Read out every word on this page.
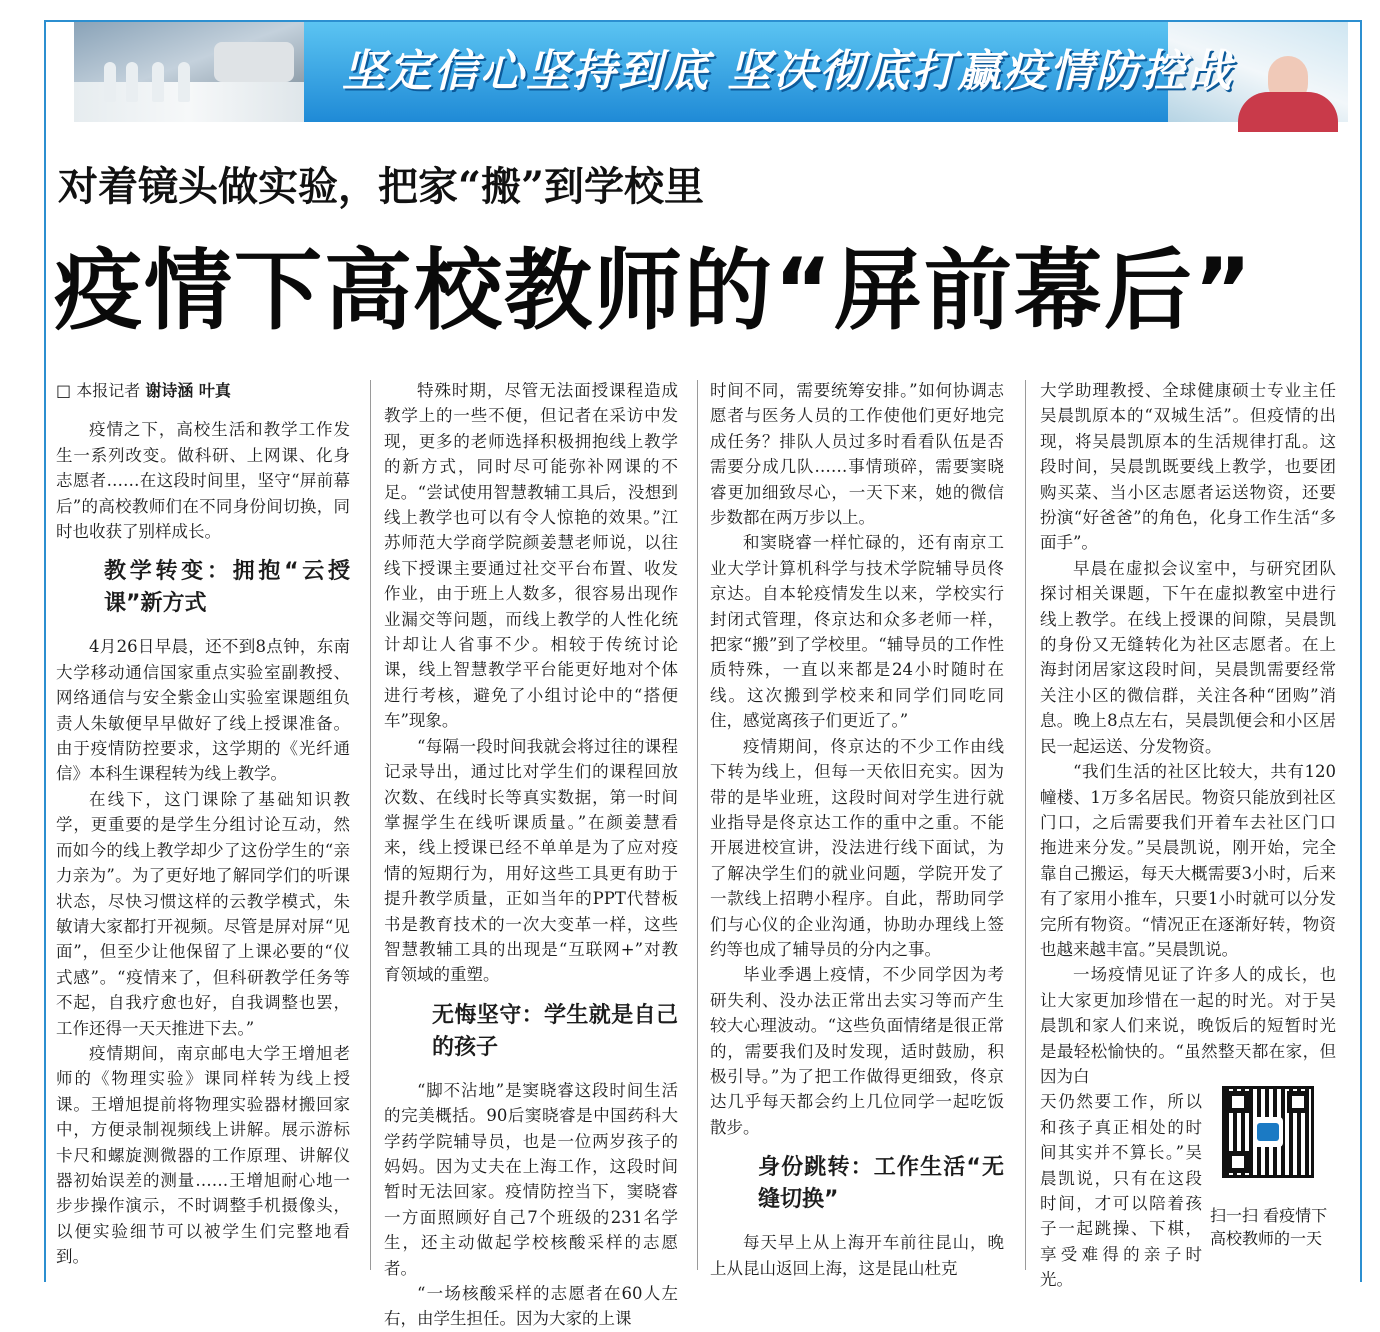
坚定信心坚持到底 坚决彻底打赢疫情防控战
对着镜头做实验，把家“搬”到学校里
疫情下高校教师的“屏前幕后”
□ 本报记者 谢诗涵 叶真

疫情之下，高校生活和教学工作发生一系列改变。做科研、上网课、化身志愿者……在这段时间里，坚守“屏前幕后”的高校教师们在不同身份间切换，同时也收获了别样成长。

教学转变：拥抱“云授课”新方式

4月26日早晨，还不到8点钟，东南大学移动通信国家重点实验室副教授、网络通信与安全紫金山实验室课题组负责人朱敏便早早做好了线上授课准备。由于疫情防控要求，这学期的《光纤通信》本科生课程转为线上教学。

在线下，这门课除了基础知识教学，更重要的是学生分组讨论互动，然而如今的线上教学却少了这份学生的“亲力亲为”。为了更好地了解同学们的听课状态，尽快习惯这样的云教学模式，朱敏请大家都打开视频。尽管是屏对屏“见面”，但至少让他保留了上课必要的“仪式感”。“疫情来了，但科研教学任务等不起，自我疗愈也好，自我调整也罢，工作还得一天天推进下去。”

疫情期间，南京邮电大学王增旭老师的《物理实验》课同样转为线上授课。王增旭提前将物理实验器材搬回家中，方便录制视频线上讲解。展示游标卡尺和螺旋测微器的工作原理、讲解仪器初始误差的测量……王增旭耐心地一步步操作演示，不时调整手机摄像头，以便实验细节可以被学生们完整地看到。

特殊时期，尽管无法面授课程造成教学上的一些不便，但记者在采访中发现，更多的老师选择积极拥抱线上教学的新方式，同时尽可能弥补网课的不足。“尝试使用智慧教辅工具后，没想到线上教学也可以有令人惊艳的效果。”江苏师范大学商学院颜姜慧老师说，以往线下授课主要通过社交平台布置、收发作业，由于班上人数多，很容易出现作业漏交等问题，而线上教学的人性化统计却让人省事不少。相较于传统讨论课，线上智慧教学平台能更好地对个体进行考核，避免了小组讨论中的“搭便车”现象。

“每隔一段时间我就会将过往的课程记录导出，通过比对学生们的课程回放次数、在线时长等真实数据，第一时间掌握学生在线听课质量。”在颜姜慧看来，线上授课已经不单单是为了应对疫情的短期行为，用好这些工具更有助于提升教学质量，正如当年的PPT代替板书是教育技术的一次大变革一样，这些智慧教辅工具的出现是“互联网+”对教育领域的重塑。

无悔坚守：学生就是自己的孩子

“脚不沾地”是窦晓睿这段时间生活的完美概括。90后窦晓睿是中国药科大学药学院辅导员，也是一位两岁孩子的妈妈。因为丈夫在上海工作，这段时间暂时无法回家。疫情防控当下，窦晓睿一方面照顾好自己7个班级的231名学生，还主动做起学校核酸采样的志愿者。

“一场核酸采样的志愿者在60人左右，由学生担任。因为大家的上课

时间不同，需要统筹安排。”如何协调志愿者与医务人员的工作使他们更好地完成任务？排队人员过多时看看队伍是否需要分成几队……事情琐碎，需要窦晓睿更加细致尽心，一天下来，她的微信步数都在两万步以上。

和窦晓睿一样忙碌的，还有南京工业大学计算机科学与技术学院辅导员佟京达。自本轮疫情发生以来，学校实行封闭式管理，佟京达和众多老师一样，把家“搬”到了学校里。“辅导员的工作性质特殊，一直以来都是24小时随时在线。这次搬到学校来和同学们同吃同住，感觉离孩子们更近了。”

疫情期间，佟京达的不少工作由线下转为线上，但每一天依旧充实。因为带的是毕业班，这段时间对学生进行就业指导是佟京达工作的重中之重。不能开展进校宣讲，没法进行线下面试，为了解决学生们的就业问题，学院开发了一款线上招聘小程序。自此，帮助同学们与心仪的企业沟通，协助办理线上签约等也成了辅导员的分内之事。

毕业季遇上疫情，不少同学因为考研失利、没办法正常出去实习等而产生较大心理波动。“这些负面情绪是很正常的，需要我们及时发现，适时鼓励，积极引导。”为了把工作做得更细致，佟京达几乎每天都会约上几位同学一起吃饭散步。

身份跳转：工作生活“无缝切换”

每天早上从上海开车前往昆山，晚上从昆山返回上海，这是昆山杜克

大学助理教授、全球健康硕士专业主任吴晨凯原本的“双城生活”。但疫情的出现，将吴晨凯原本的生活规律打乱。这段时间，吴晨凯既要线上教学，也要团购买菜、当小区志愿者运送物资，还要扮演“好爸爸”的角色，化身工作生活“多面手”。

早晨在虚拟会议室中，与研究团队探讨相关课题，下午在虚拟教室中进行线上教学。在线上授课的间隙，吴晨凯的身份又无缝转化为社区志愿者。在上海封闭居家这段时间，吴晨凯需要经常关注小区的微信群，关注各种“团购”消息。晚上8点左右，吴晨凯便会和小区居民一起运送、分发物资。

“我们生活的社区比较大，共有120幢楼、1万多名居民。物资只能放到社区门口，之后需要我们开着车去社区门口拖进来分发。”吴晨凯说，刚开始，完全靠自己搬运，每天大概需要3小时，后来有了家用小推车，只要1小时就可以分发完所有物资。“情况正在逐渐好转，物资也越来越丰富。”吴晨凯说。

一场疫情见证了许多人的成长，也让大家更加珍惜在一起的时光。对于吴晨凯和家人们来说，晚饭后的短暂时光是最轻松愉快的。“虽然整天都在家，但因为白

天仍然要工作，所以和孩子真正相处的时间其实并不算长。”吴晨凯说，只有在这段时间，才可以陪着孩子一起跳操、下棋，享受难得的亲子时光。

扫一扫 看疫情下高校教师的一天
